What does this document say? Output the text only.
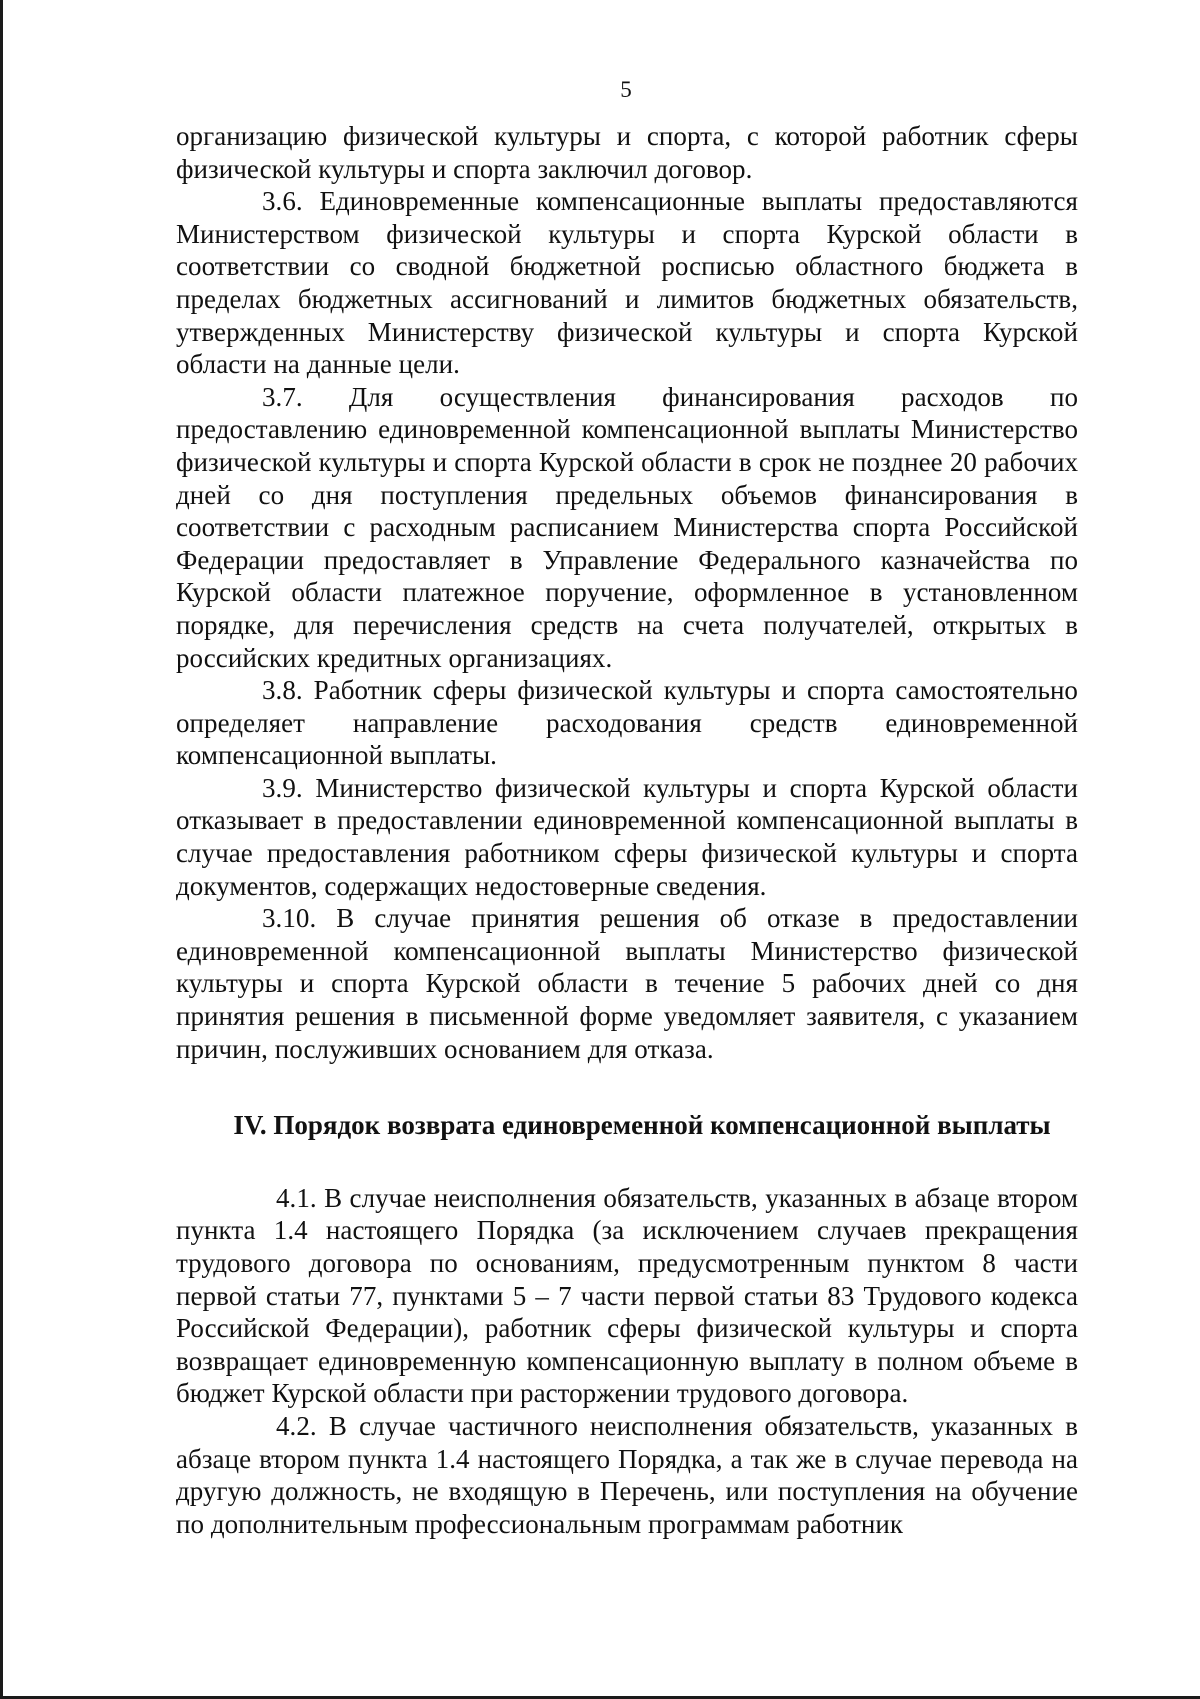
5

организацию физической культуры и спорта, с которой работник сферы физической культуры и спорта заключил договор.

3.6. Единовременные компенсационные выплаты предоставляются Министерством физической культуры и спорта Курской области в соответствии со сводной бюджетной росписью областного бюджета в пределах бюджетных ассигнований и лимитов бюджетных обязательств, утвержденных Министерству физической культуры и спорта Курской области на данные цели.

3.7. Для осуществления финансирования расходов по предоставлению единовременной компенсационной выплаты Министерство физической культуры и спорта Курской области в срок не позднее 20 рабочих дней со дня поступления предельных объемов финансирования в соответствии с расходным расписанием Министерства спорта Российской Федерации предоставляет в Управление Федерального казначейства по Курской области платежное поручение, оформленное в установленном порядке, для перечисления средств на счета получателей, открытых в российских кредитных организациях.

3.8. Работник сферы физической культуры и спорта самостоятельно определяет направление расходования средств единовременной компенсационной выплаты.

3.9. Министерство физической культуры и спорта Курской области отказывает в предоставлении единовременной компенсационной выплаты в случае предоставления работником сферы физической культуры и спорта документов, содержащих недостоверные сведения.

3.10. В случае принятия решения об отказе в предоставлении единовременной компенсационной выплаты Министерство физической культуры и спорта Курской области в течение 5 рабочих дней со дня принятия решения в письменной форме уведомляет заявителя, с указанием причин, послуживших основанием для отказа.

IV. Порядок возврата единовременной компенсационной выплаты

4.1. В случае неисполнения обязательств, указанных в абзаце втором пункта 1.4 настоящего Порядка (за исключением случаев прекращения трудового договора по основаниям, предусмотренным пунктом 8 части первой статьи 77, пунктами 5 – 7 части первой статьи 83 Трудового кодекса Российской Федерации), работник сферы физической культуры и спорта возвращает единовременную компенсационную выплату в полном объеме в бюджет Курской области при расторжении трудового договора.

4.2. В случае частичного неисполнения обязательств, указанных в абзаце втором пункта 1.4 настоящего Порядка, а так же в случае перевода на другую должность, не входящую в Перечень, или поступления на обучение по дополнительным профессиональным программам работник
